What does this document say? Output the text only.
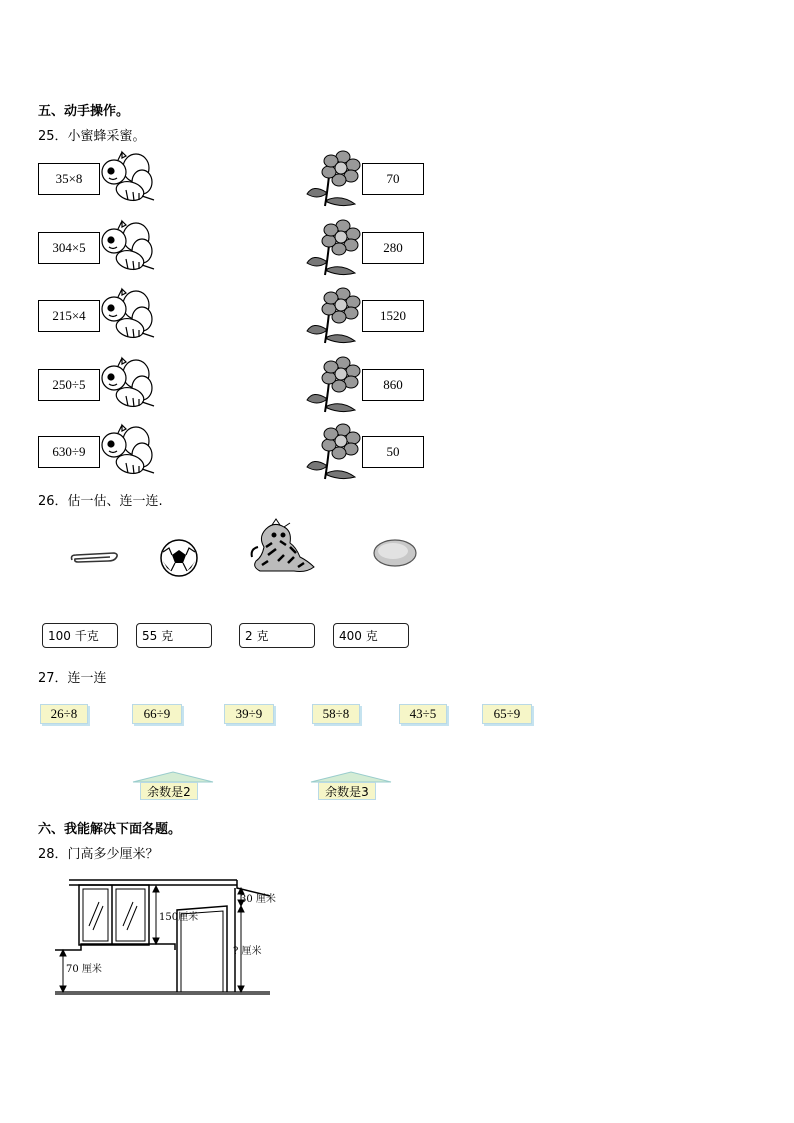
五、动手操作。
25．小蜜蜂采蜜。
35×8
304×5
215×4
250÷5
630÷9
70
280
1520
860
50
26．估一估、连一连.
100 千克	55 克	2 克	400 克
27．连一连
26÷8	66÷9	39÷9	58÷8	43÷5	65÷9
余数是2	余数是3
六、我能解决下面各题。
28．门高多少厘米？
70 厘米
150厘米
30 厘米
? 厘米
